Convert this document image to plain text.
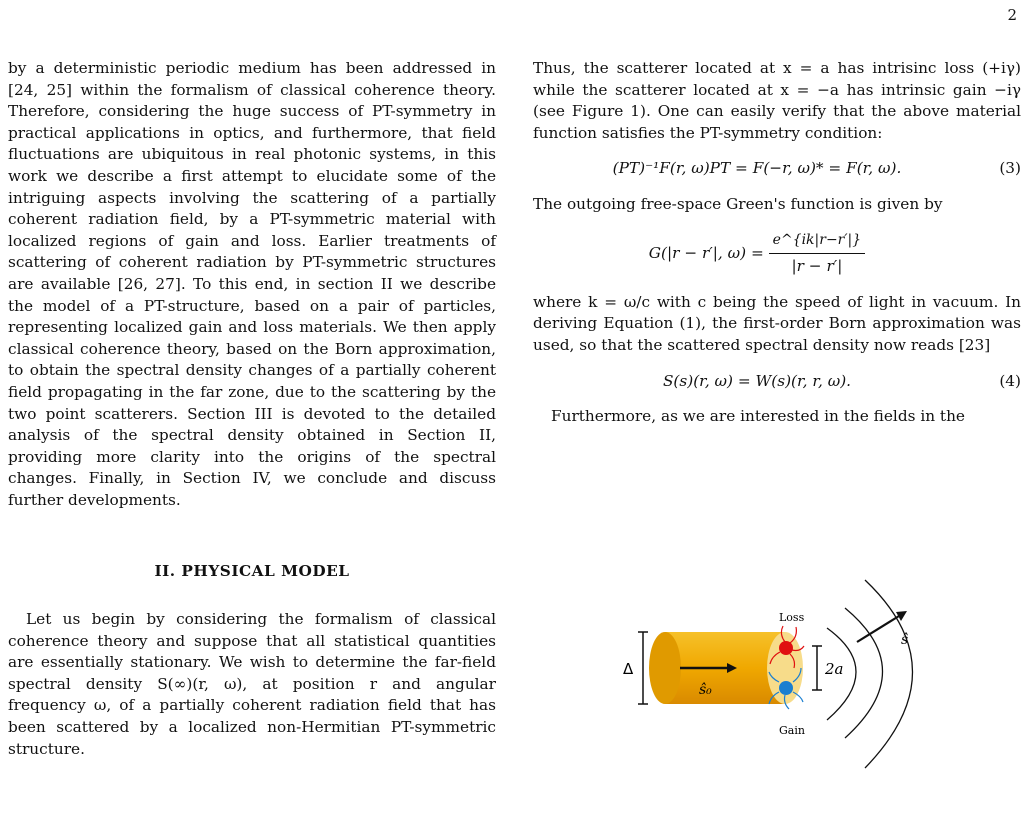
2

by a deterministic periodic medium has been addressed in [24, 25] within the formalism of classical coherence theory. Therefore, considering the huge success of PT-symmetry in practical applications in optics, and furthermore, that field fluctuations are ubiquitous in real photonic systems, in this work we describe a first attempt to elucidate some of the intriguing aspects involving the scattering of a partially coherent radiation field, by a PT-symmetric material with localized regions of gain and loss. Earlier treatments of scattering of coherent radiation by PT-symmetric structures are available [26, 27]. To this end, in section II we describe the model of a PT-structure, based on a pair of particles, representing localized gain and loss materials. We then apply classical coherence theory, based on the Born approximation, to obtain the spectral density changes of a partially coherent field propagating in the far zone, due to the scattering by the two point scatterers. Section III is devoted to the detailed analysis of the spectral density obtained in Section II, providing more clarity into the origins of the spectral changes. Finally, in Section IV, we conclude and discuss further developments.

II. PHYSICAL MODEL

Let us begin by considering the formalism of classical coherence theory and suppose that all statistical quantities are essentially stationary. We wish to determine the far-field spectral density S(∞)(r, ω), at position r and angular frequency ω, of a partially coherent radiation field that has been scattered by a localized non-Hermitian PT-symmetric structure.

Thus, the scatterer located at x = a has intrisinc loss (+iγ) while the scatterer located at x = −a has intrinsic gain −iγ (see Figure 1). One can easily verify that the above material function satisfies the PT-symmetry condition:

(PT)⁻¹F(r, ω)PT = F(−r, ω)* = F(r, ω).	(3)

The outgoing free-space Green's function is given by

G(|r − r′|, $\omega) = \frac{e\^{}\{ik|r-r'|\}}{|r - r'|}$

where k = ω/c with c being the speed of light in vacuum. In deriving Equation (1), the first-order Born approximation was used, so that the scattered spectral density now reads [23]

S(s)(r, ω) = W(s)(r, r, ω).	(4)

Furthermore, as we are interested in the fields in the

Δ
ŝ₀
Loss
Gain
2a
ŝ
